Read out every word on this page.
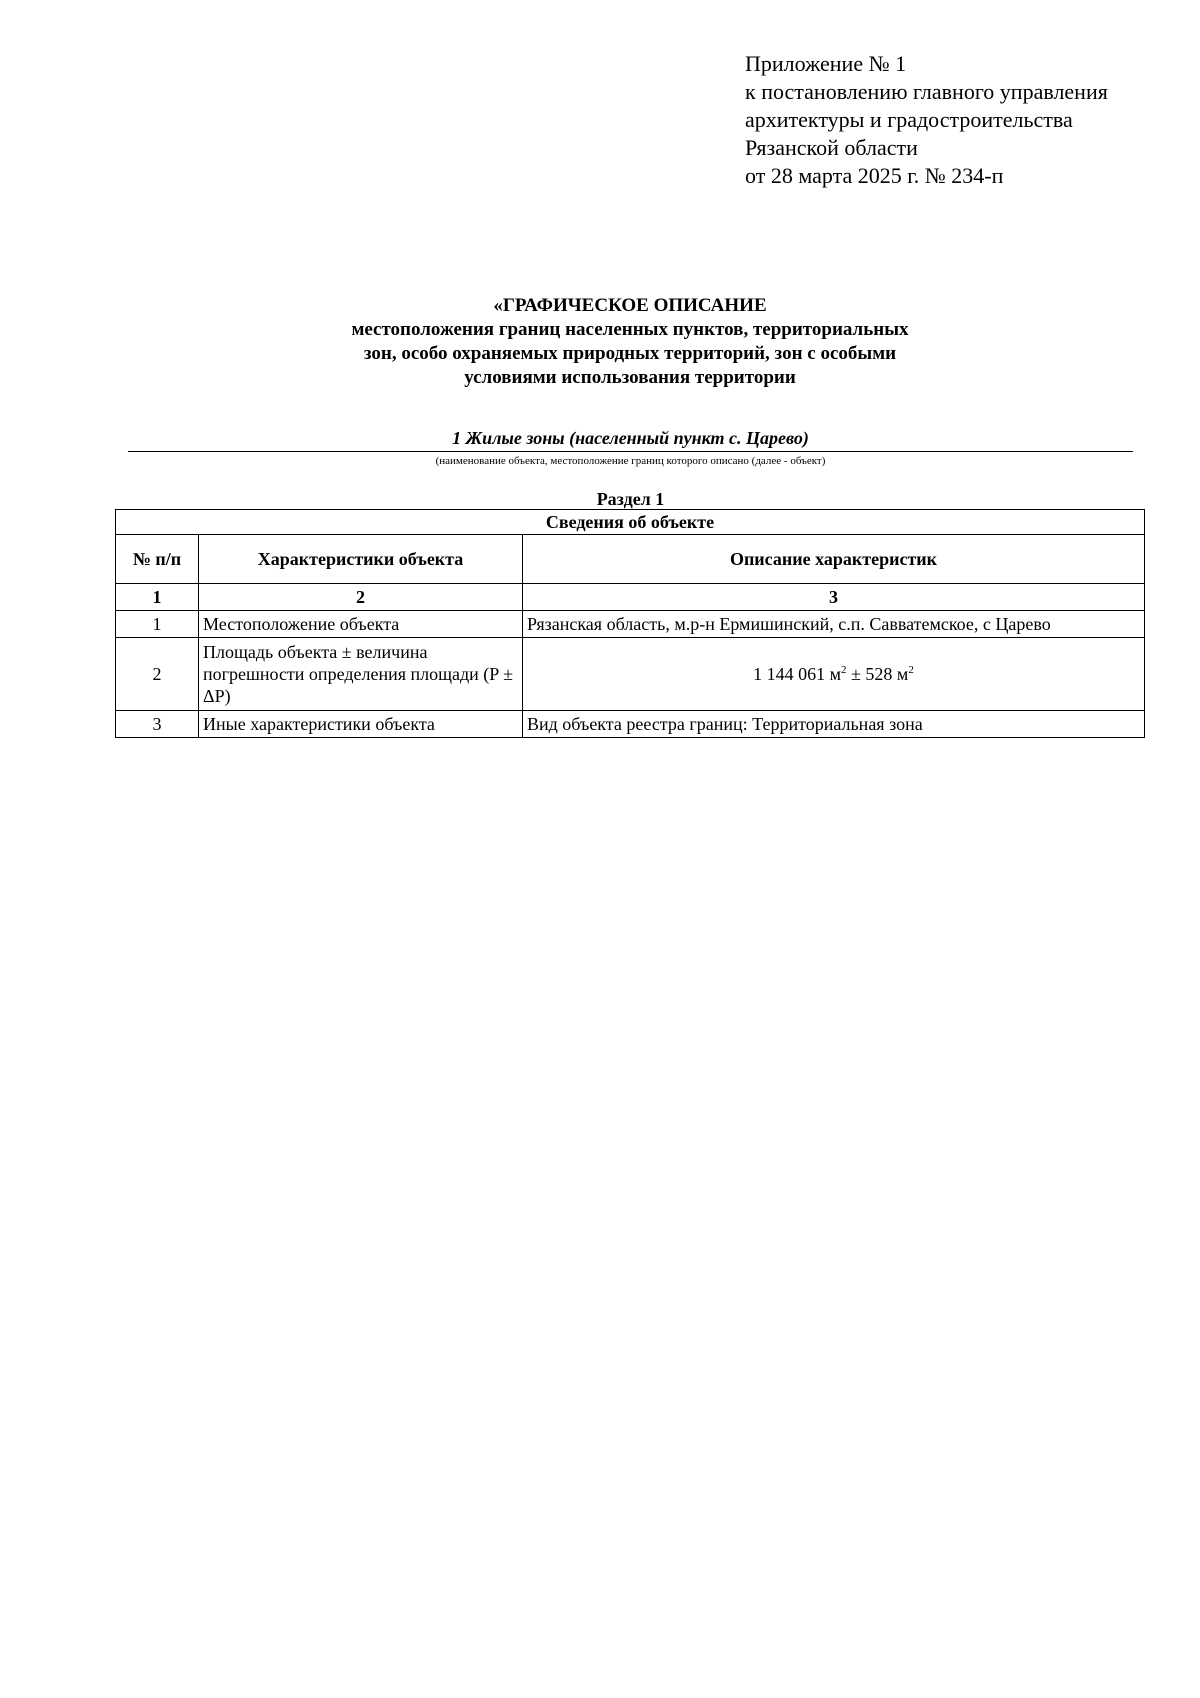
Приложение № 1
к постановлению главного управления
архитектуры и градостроительства
Рязанской области
от 28 марта 2025 г. № 234-п
«ГРАФИЧЕСКОЕ ОПИСАНИЕ
местоположения границ населенных пунктов, территориальных
зон, особо охраняемых природных территорий, зон с особыми
условиями использования территории
1 Жилые зоны (населенный пункт с. Царево)
(наименование объекта, местоположение границ которого описано (далее - объект)
Раздел 1
Сведения об объекте		
№ п/п	Характеристики объекта	Описание характеристик
1	2	3
1	Местоположение объекта	Рязанская область, м.р-н Ермишинский, с.п. Савватемское, с Царево
2	Площадь объекта ± величина погрешности определения площади (P ± ΔP)	1 144 061 $м^2 \pm 528$ $м^2$
3	Иные характеристики объекта	Вид объекта реестра границ: Территориальная зона
